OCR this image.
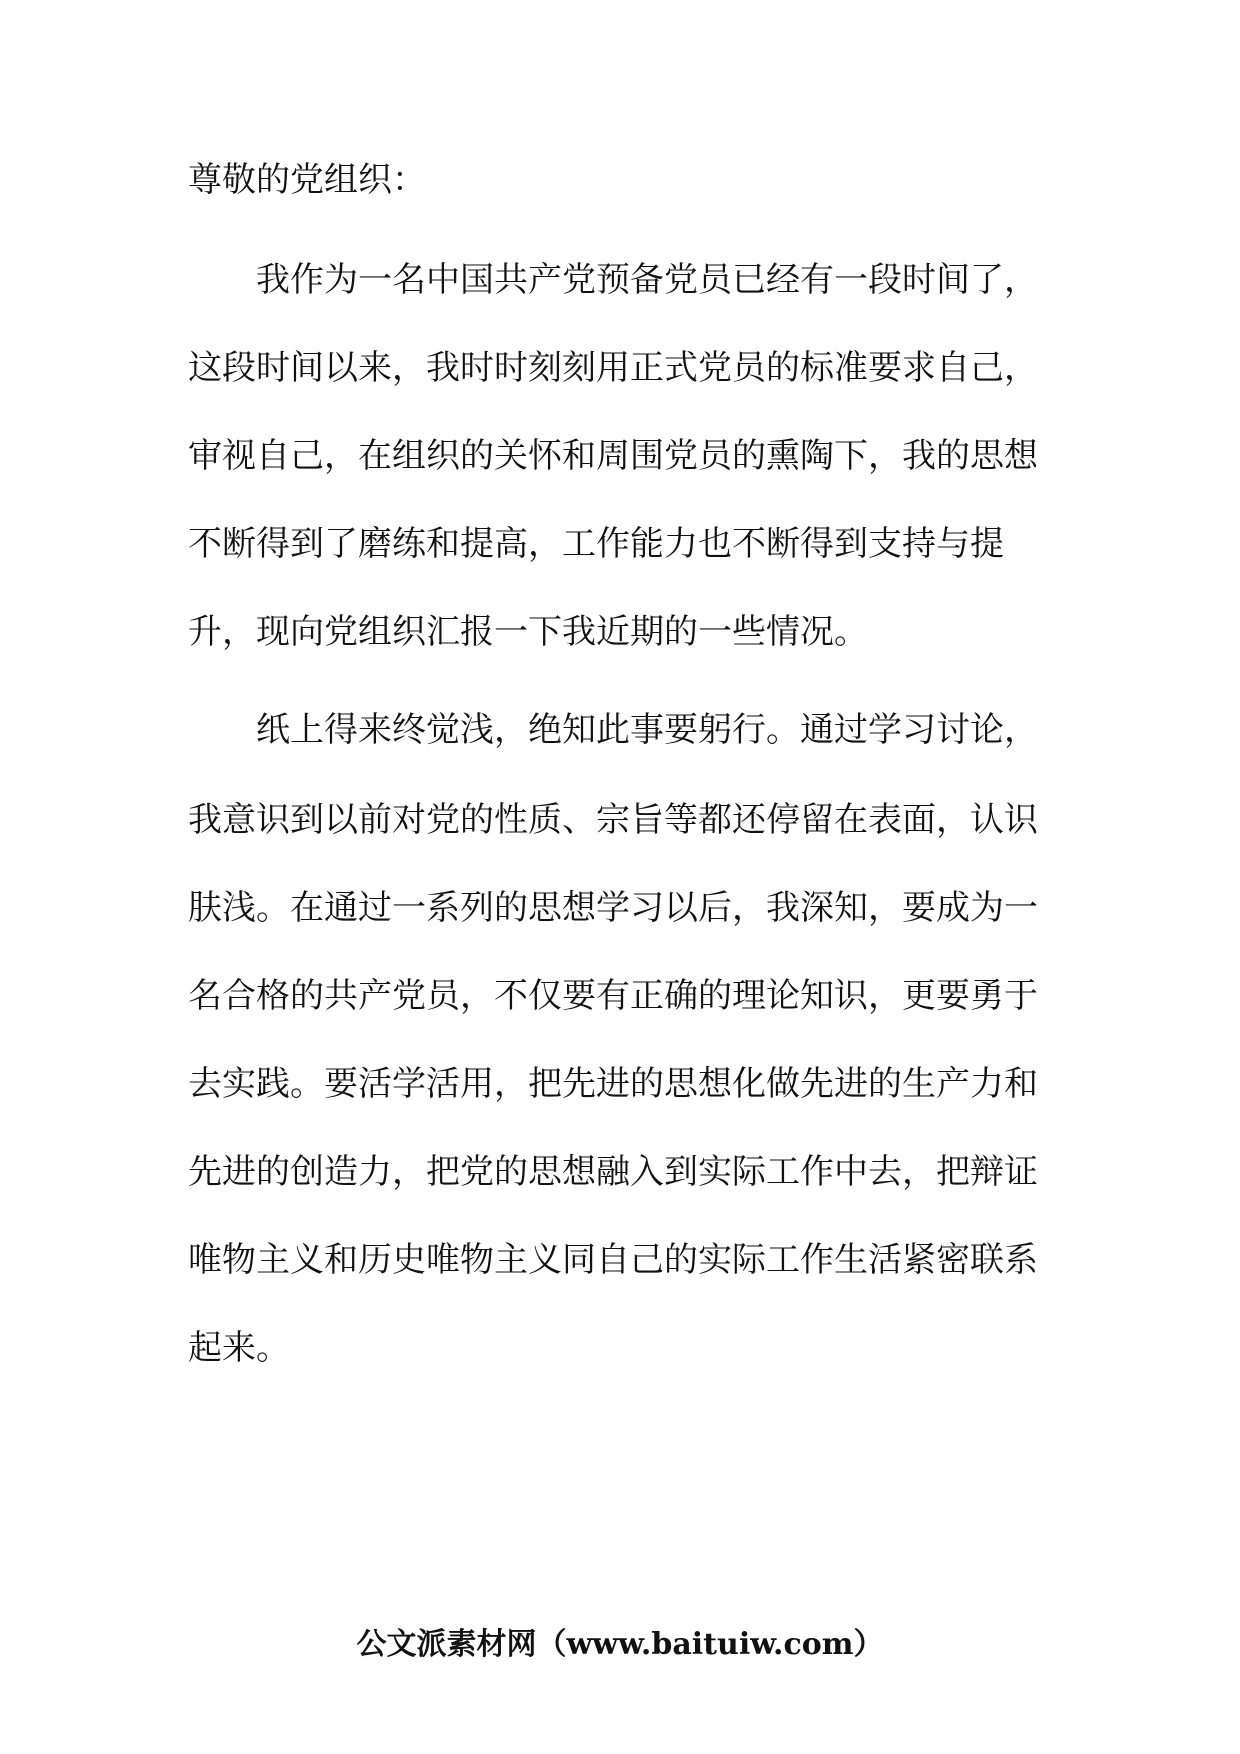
尊敬的党组织：
我作为一名中国共产党预备党员已经有一段时间了，
这段时间以来，我时时刻刻用正式党员的标准要求自己，
审视自己，在组织的关怀和周围党员的熏陶下，我的思想
不断得到了磨练和提高，工作能力也不断得到支持与提
升，现向党组织汇报一下我近期的一些情况。
纸上得来终觉浅，绝知此事要躬行。通过学习讨论，
我意识到以前对党的性质、宗旨等都还停留在表面，认识
肤浅。在通过一系列的思想学习以后，我深知，要成为一
名合格的共产党员，不仅要有正确的理论知识，更要勇于
去实践。要活学活用，把先进的思想化做先进的生产力和
先进的创造力，把党的思想融入到实际工作中去，把辩证
唯物主义和历史唯物主义同自己的实际工作生活紧密联系
起来。
公文派素材网（www.baituiw.com）
